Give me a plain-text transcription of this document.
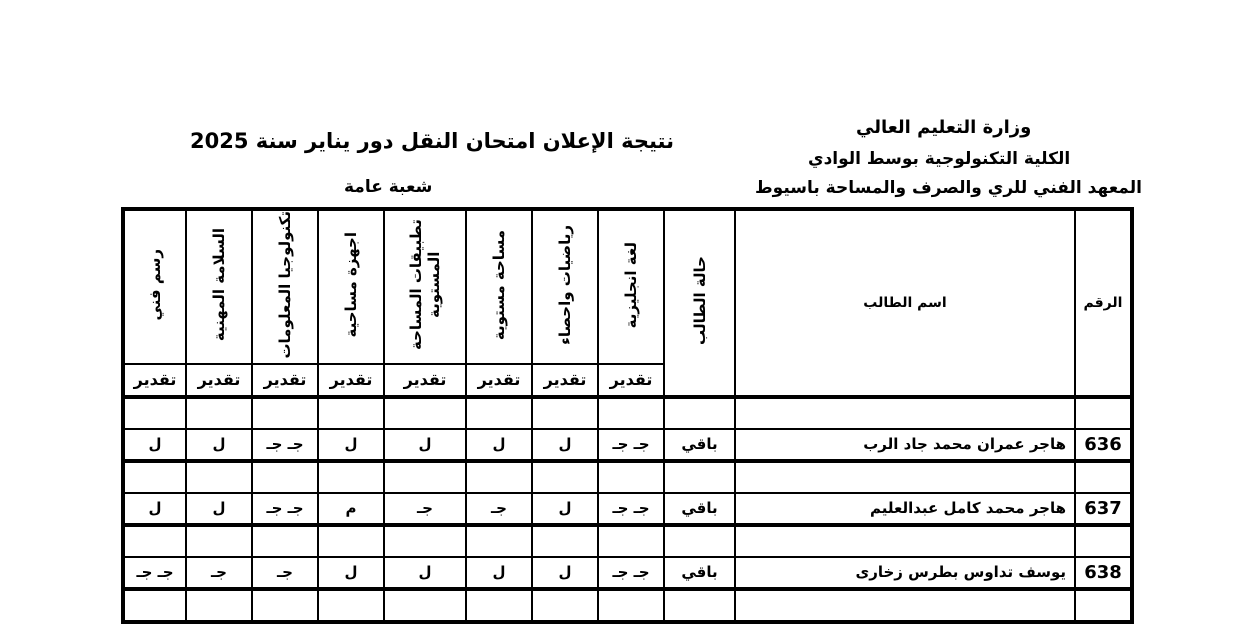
وزارة التعليم العالي
الكلية التكنولوجية بوسط الوادي
المعهد الفني للري والصرف والمساحة باسيوط
نتيجة الإعلان امتحان النقل دور يناير سنة 2025
شعبة عامة
الرقم	اسم الطالب	حالة الطالب	لغة انجليزية	رياضيات واحصاء	مساحة مستوية	تطبيقات المساحة المستوية	اجهزة مساحية	تكنولوجيا المعلومات	السلامة المهنية	رسم فني
			تقدير	تقدير	تقدير	تقدير	تقدير	تقدير	تقدير	تقدير

636	هاجر عمران محمد جاد الرب	باقي	جـ جـ	ل	ل	ل	ل	جـ جـ	ل	ل

637	هاجر محمد كامل عبدالعليم	باقي	جـ جـ	ل	جـ	جـ	م	جـ جـ	ل	ل

638	يوسف تداوس بطرس زخارى	باقي	جـ جـ	ل	ل	ل	ل	جـ	جـ	جـ جـ
